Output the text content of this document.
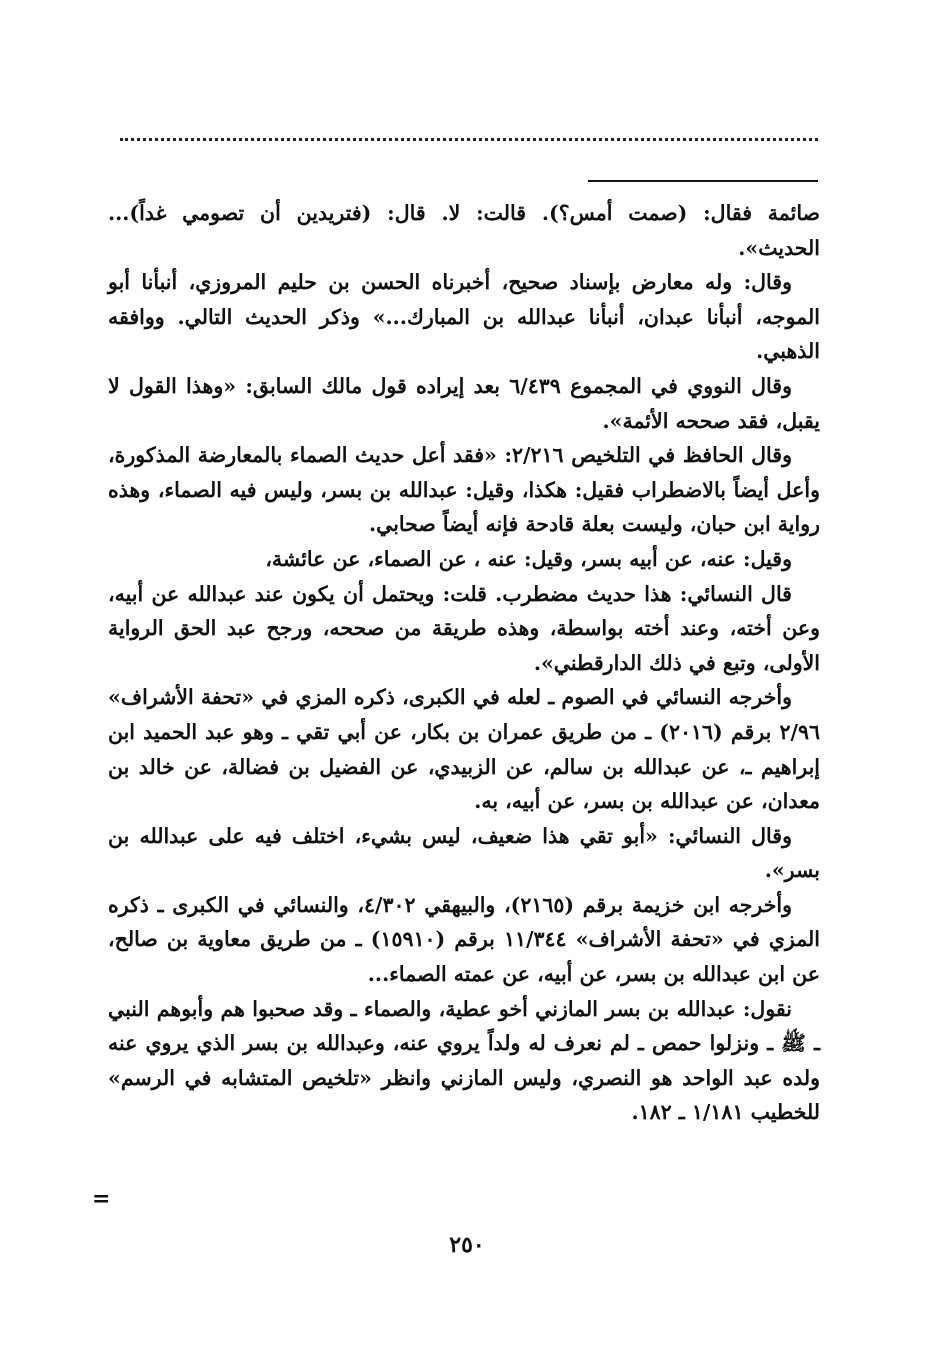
صائمة فقال: (صمت أمس؟). قالت: لا. قال: (فتريدين أن تصومي غداً)... الحديث».

وقال: وله معارض بإسناد صحيح، أخبرناه الحسن بن حليم المروزي، أنبأنا أبو الموجه، أنبأنا عبدان، أنبأنا عبدالله بن المبارك...» وذكر الحديث التالي. ووافقه الذهبي.

وقال النووي في المجموع ٦/٤٣٩ بعد إيراده قول مالك السابق: «وهذا القول لا يقبل، فقد صححه الأئمة».

وقال الحافظ في التلخيص ٢/٢١٦: «فقد أعل حديث الصماء بالمعارضة المذكورة، وأعل أيضاً بالاضطراب فقيل: هكذا، وقيل: عبدالله بن بسر، وليس فيه الصماء، وهذه رواية ابن حبان، وليست بعلة قادحة فإنه أيضاً صحابي.

وقيل: عنه، عن أبيه بسر، وقيل: عنه ، عن الصماء، عن عائشة،

قال النسائي: هذا حديث مضطرب. قلت: ويحتمل أن يكون عند عبدالله عن أبيه، وعن أخته، وعند أخته بواسطة، وهذه طريقة من صححه، ورجح عبد الحق الرواية الأولى، وتبع في ذلك الدارقطني».

وأخرجه النسائي في الصوم ـ لعله في الكبرى، ذكره المزي في «تحفة الأشراف» ٢/٩٦ برقم (٢٠١٦) ـ من طريق عمران بن بكار، عن أبي تقي ـ وهو عبد الحميد ابن إبراهيم ـ، عن عبدالله بن سالم، عن الزبيدي، عن الفضيل بن فضالة، عن خالد بن معدان، عن عبدالله بن بسر، عن أبيه، به.

وقال النسائي: «أبو تقي هذا ضعيف، ليس بشيء، اختلف فيه على عبدالله بن بسر».

وأخرجه ابن خزيمة برقم (٢١٦٥)، والبيهقي ٤/٣٠٢، والنسائي في الكبرى ـ ذكره المزي في «تحفة الأشراف» ١١/٣٤٤ برقم (١٥٩١٠) ـ من طريق معاوية بن صالح، عن ابن عبدالله بن بسر، عن أبيه، عن عمته الصماء...

نقول: عبدالله بن بسر المازني أخو عطية، والصماء ـ وقد صحبوا هم وأبوهم النبي ـ ﷺ ـ ونزلوا حمص ـ لم نعرف له ولداً يروي عنه، وعبدالله بن بسر الذي يروي عنه ولده عبد الواحد هو النصري، وليس المازني وانظر «تلخيص المتشابه في الرسم» للخطيب ١/١٨١ ـ ١٨٢.

=
٢٥٠
